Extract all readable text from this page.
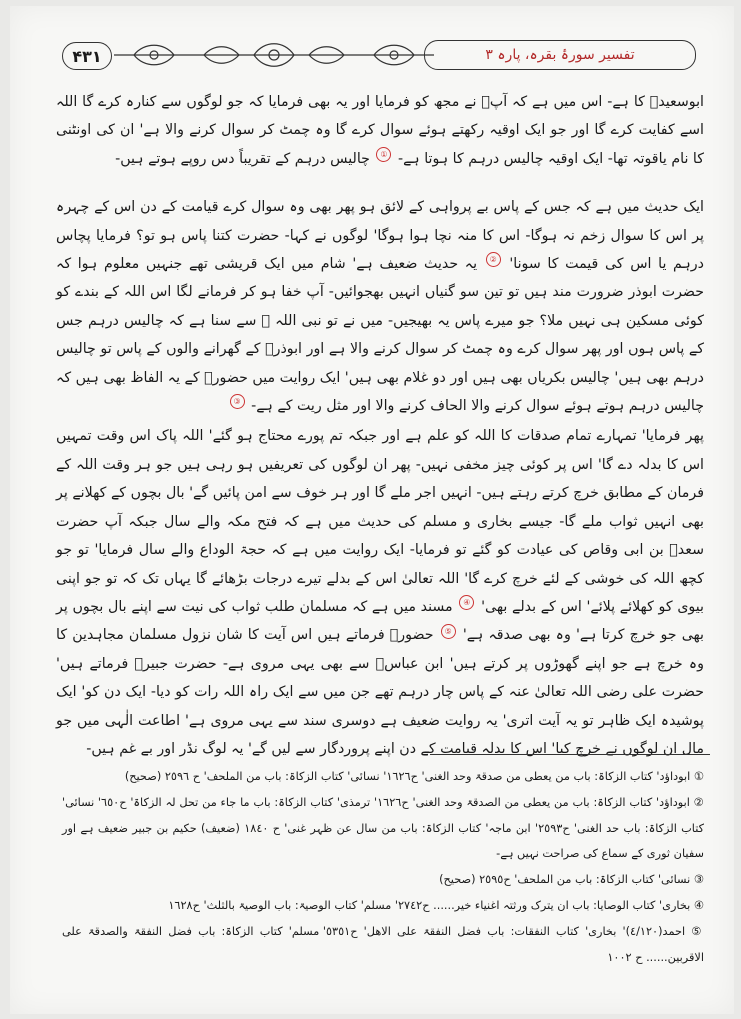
۴۳۱	تفسیر سورۂ بقرہ، پارہ ۳

ابوسعیدؓ کا ہے- اس میں ہے کہ آپؐ نے مجھ کو فرمایا اور یہ بھی فرمایا کہ جو لوگوں سے کنارہ کرے گا اللہ اسے کفایت کرے گا اور جو ایک اوقیہ رکھتے ہوئے سوال کرے گا وہ چمٹ کر سوال کرنے والا ہے' ان کی اونٹنی کا نام یاقوتہ تھا- ایک اوقیہ چالیس درہم کا ہوتا ہے- ① چالیس درہم کے تقریباً دس روپے ہوتے ہیں-

ایک حدیث میں ہے کہ جس کے پاس بے پرواہی کے لائق ہو پھر بھی وہ سوال کرے قیامت کے دن اس کے چہرہ پر اس کا سوال زخم نہ ہوگا- اس کا منہ نچا ہوا ہوگا' لوگوں نے کہا- حضرت کتنا پاس ہو تو؟ فرمایا پچاس درہم یا اس کی قیمت کا سونا' ② یہ حدیث ضعیف ہے' شام میں ایک قریشی تھے جنہیں معلوم ہوا کہ حضرت ابوذر ضرورت مند ہیں تو تین سو گنیاں انہیں بھجوائیں- آپ خفا ہو کر فرمانے لگا اس اللہ کے بندے کو کوئی مسکین ہی نہیں ملا؟ جو میرے پاس یہ بھیجیں- میں نے تو نبی اللہ ﷺ سے سنا ہے کہ چالیس درہم جس کے پاس ہوں اور پھر سوال کرے وہ چمٹ کر سوال کرنے والا ہے اور ابوذرؓ کے گھرانے والوں کے پاس تو چالیس درہم بھی ہیں' چالیس بکریاں بھی ہیں اور دو غلام بھی ہیں' ایک روایت میں حضورؐ کے یہ الفاظ بھی ہیں کہ چالیس درہم ہوتے ہوئے سوال کرنے والا الحاف کرنے والا اور مثل ریت کے ہے- ③

پھر فرمایا' تمہارے تمام صدقات کا اللہ کو علم ہے اور جبکہ تم پورے محتاج ہو گئے' اللہ پاک اس وقت تمہیں اس کا بدلہ دے گا' اس پر کوئی چیز مخفی نہیں- پھر ان لوگوں کی تعریفیں ہو رہی ہیں جو ہر وقت اللہ کے فرمان کے مطابق خرچ کرتے رہتے ہیں- انہیں اجر ملے گا اور ہر خوف سے امن پائیں گے' بال بچوں کے کھلانے پر بھی انہیں ثواب ملے گا- جیسے بخاری و مسلم کی حدیث میں ہے کہ فتح مکہ والے سال جبکہ آپ حضرت سعدؓ بن ابی وقاص کی عیادت کو گئے تو فرمایا- ایک روایت میں ہے کہ حجۃ الوداع والے سال فرمایا' تو جو کچھ اللہ کی خوشی کے لئے خرچ کرے گا' اللہ تعالیٰ اس کے بدلے تیرے درجات بڑھائے گا یہاں تک کہ تو جو اپنی بیوی کو کھلائے پلائے' اس کے بدلے بھی' ④ مسند میں ہے کہ مسلمان طلب ثواب کی نیت سے اپنے بال بچوں پر بھی جو خرچ کرتا ہے' وہ بھی صدقہ ہے' ⑤ حضورؐ فرماتے ہیں اس آیت کا شان نزول مسلمان مجاہدین کا وہ خرچ ہے جو اپنے گھوڑوں پر کرتے ہیں' ابن عباسؓ سے بھی یہی مروی ہے- حضرت جبیرؓ فرماتے ہیں' حضرت علی رضی اللہ تعالیٰ عنہ کے پاس چار درہم تھے جن میں سے ایک راہ اللہ رات کو دیا- ایک دن کو' ایک پوشیدہ ایک ظاہر تو یہ آیت اتری' یہ روایت ضعیف ہے دوسری سند سے یہی مروی ہے' اطاعت الٰہی میں جو مال ان لوگوں نے خرچ کیا' اس کا بدلہ قیامت کے دن اپنے پروردگار سے لیں گے' یہ لوگ نڈر اور بے غم ہیں-

① ابوداؤد' کتاب الزکاۃ: باب من یعطی من صدقۃ وحد الغنی' ح١٦٢٦' نسائی' کتاب الزکاۃ: باب من الملحف' ح ٢٥٩٦ (صحیح)

② ابوداؤد' کتاب الزکاۃ: باب من یعطی من الصدقۃ وحد الغنی' ح١٦٢٦' ترمذی' کتاب الزکاۃ: باب ما جاء من تحل لہ الزکاۃ' ح٦٥٠' نسائی' کتاب الزکاۃ: باب حد الغنی' ح٢٥٩٣' ابن ماجہ' کتاب الزکاۃ: باب من سال عن ظہر غنی' ح ١٨٤٠ (ضعیف) حکیم بن جبیر ضعیف ہے اور سفیان ثوری کے سماع کی صراحت نہیں ہے-

③ نسائی' کتاب الزکاۃ: باب من الملحف' ح٢٥٩٥ (صحیح)

④ بخاری' کتاب الوصایا: باب ان یترک ورثتہ اغنیاء خیر...... ح٢٧٤٢' مسلم' کتاب الوصیۃ: باب الوصیۃ بالثلث' ح١٦٢٨

⑤ احمد(٤/١٢٠)' بخاری' کتاب النفقات: باب فضل النفقۃ علی الاھل' ح٥٣٥١' مسلم' کتاب الزکاۃ: باب فضل النفقۃ والصدقۃ علی الاقربین...... ح ١٠٠٢
